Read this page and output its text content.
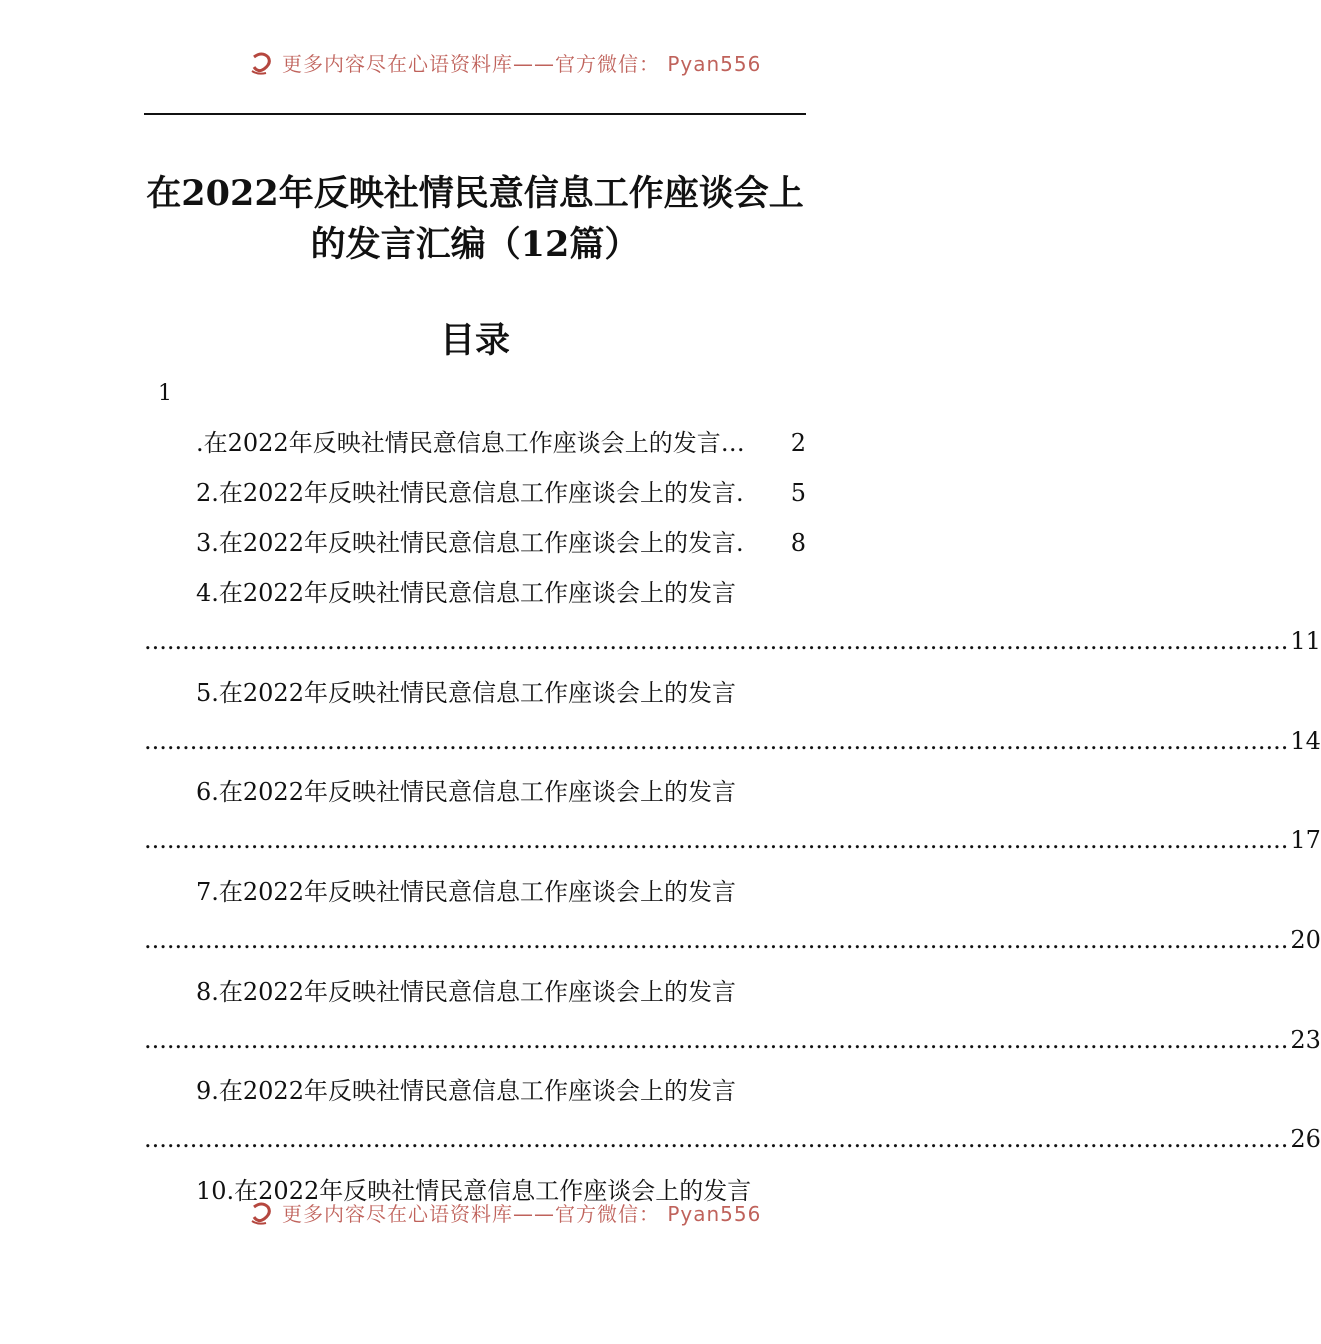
更多内容尽在心语资料库——官方微信： Pyan556
在2022年反映社情民意信息工作座谈会上
的发言汇编（12篇）
目录
1
.在2022年反映社情民意信息工作座谈会上的发言 … 2
2.在2022年反映社情民意信息工作座谈会上的发言 . 5
3.在2022年反映社情民意信息工作座谈会上的发言 . 8
4.在2022年反映社情民意信息工作座谈会上的发言
...................................................................................................................................................... 11
5.在2022年反映社情民意信息工作座谈会上的发言
...................................................................................................................................................... 14
6.在2022年反映社情民意信息工作座谈会上的发言
...................................................................................................................................................... 17
7.在2022年反映社情民意信息工作座谈会上的发言
...................................................................................................................................................... 20
8.在2022年反映社情民意信息工作座谈会上的发言
...................................................................................................................................................... 23
9.在2022年反映社情民意信息工作座谈会上的发言
...................................................................................................................................................... 26
10.在2022年反映社情民意信息工作座谈会上的发言
更多内容尽在心语资料库——官方微信： Pyan556
